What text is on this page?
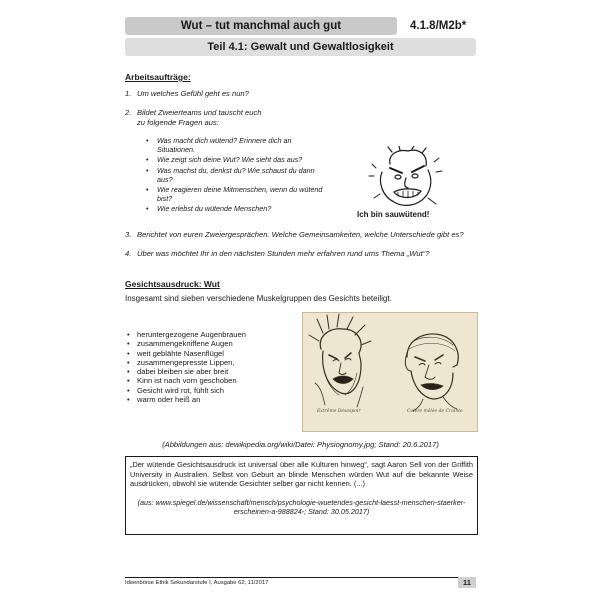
Wut – tut manchmal auch gut	4.1.8/M2b*
Teil 4.1: Gewalt und Gewaltlosigkeit
Arbeitsaufträge:
1. Um welches Gefühl geht es nun?
2. Bildet Zweierteams und tauscht euch
zu folgende Fragen aus:
• Was macht dich wütend? Erinnere dich an Situationen.
• Wie zeigt sich deine Wut? Wie sieht das aus?
• Was machst du, denkst du? Wie schaust du dann aus?
• Wie reagieren deine Mitmenschen, wenn du wütend bist?
• Wie erlebst du wütende Menschen?
Ich bin sauwütend!
3. Berichtet von euren Zweiergesprächen. Welche Gemeinsamkeiten, welche Unterschiede gibt es?
4. Über was möchtet Ihr in den nächsten Stunden mehr erfahren rund ums Thema „Wut“?
Gesichtsausdruck: Wut
Insgesamt sind sieben verschiedene Muskelgruppen des Gesichts beteiligt.
• heruntergezogene Augenbrauen
• zusammengekniffene Augen
• weit geblähte Nasenflügel
• zusammengepresste Lippen,
• dabei bleiben sie aber breit
• Kinn ist nach vorn geschoben
• Gesicht wird rot, fühlt sich
• warm oder heiß an
Extrême Désespoir	Colère mêlée de Crainte
(Abbildungen aus: dewikipedia.org/wiki/Datei: Physiognomy.jpg; Stand: 20.6.2017)
„Der wütende Gesichtsausdruck ist universal über alle Kulturen hinweg“, sagt Aaron Sell von der Griffith University in Australien. Selbst von Geburt an blinde Menschen würden Wut auf die bekannte Weise ausdrücken, obwohl sie wütende Gesichter selber gar nicht kennen. (...)
(aus: www.spiegel.de/wissenschaft/mensch/psychologie-wuetendes-gesicht-laesst-menschen-staerker-erscheinen-a-988824-; Stand: 30.05.2017)
Ideenbörse Ethik Sekundarstufe I, Ausgabe 62, 11/2017	11
